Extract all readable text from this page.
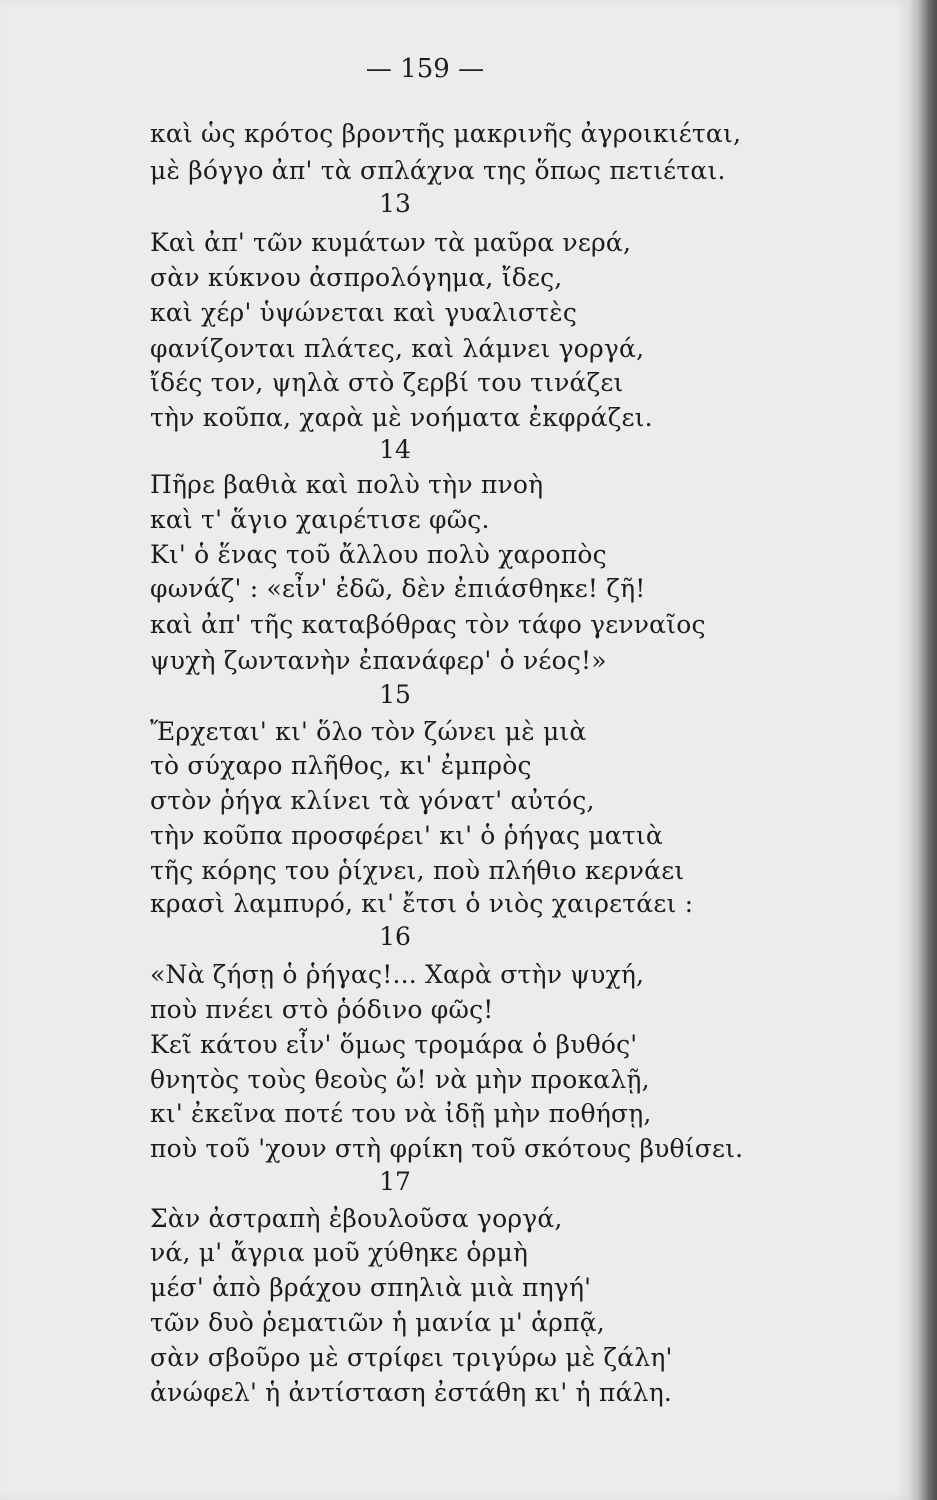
— 159 —
καὶ ὡς κρότος βροντῆς μακρινῆς ἀγροικιέται,
μὲ βόγγο ἀπ' τὰ σπλάχνα της ὅπως πετιέται.
13
Καὶ ἀπ' τῶν κυμάτων τὰ μαῦρα νερά,
σὰν κύκνου ἀσπρολόγημα, ἴδες,
καὶ χέρ' ὑψώνεται καὶ γυαλιστὲς
φανίζονται πλάτες, καὶ λάμνει γοργά,
ἴδές τον, ψηλὰ στὸ ζερβί του τινάζει
τὴν κοῦπα, χαρὰ μὲ νοήματα ἐκφράζει.
14
Πῆρε βαθιὰ καὶ πολὺ τὴν πνοὴ
καὶ τ' ἅγιο χαιρέτισε φῶς.
Κι' ὁ ἕνας τοῦ ἄλλου πολὺ χαροπὸς
φωνάζ' : «εἶν' ἐδῶ, δὲν ἐπιάσθηκε! ζῆ!
καὶ ἀπ' τῆς καταβόθρας τὸν τάφο γενναῖος
ψυχὴ ζωντανὴν ἐπανάφερ' ὁ νέος!»
15
Ἔρχεται' κι' ὅλο τὸν ζώνει μὲ μιὰ
τὸ σύχαρο πλῆθος, κι' ἐμπρὸς
στὸν ῥήγα κλίνει τὰ γόνατ' αὐτός,
τὴν κοῦπα προσφέρει' κι' ὁ ῥήγας ματιὰ
τῆς κόρης του ῥίχνει, ποὺ πλήθιο κερνάει
κρασὶ λαμπυρό, κι' ἔτσι ὁ νιὸς χαιρετάει :
16
«Νὰ ζήσῃ ὁ ῥήγας!... Χαρὰ στὴν ψυχή,
ποὺ πνέει στὸ ῥόδινο φῶς!
Κεῖ κάτου εἶν' ὅμως τρομάρα ὁ βυθός'
θνητὸς τοὺς θεοὺς ὤ! νὰ μὴν προκαλῇ,
κι' ἐκεῖνα ποτέ του νὰ ἰδῇ μὴν ποθήσῃ,
ποὺ τοῦ 'χουν στὴ φρίκη τοῦ σκότους βυθίσει.
17
Σὰν ἀστραπὴ ἐβουλοῦσα γοργά,
νά, μ' ἄγρια μοῦ χύθηκε ὁρμὴ
μέσ' ἀπὸ βράχου σπηλιὰ μιὰ πηγή'
τῶν δυὸ ῥεματιῶν ἡ μανία μ' ἁρπᾷ,
σὰν σβοῦρο μὲ στρίφει τριγύρω μὲ ζάλη'
ἀνώφελ' ἡ ἀντίσταση ἐστάθη κι' ἡ πάλη.
